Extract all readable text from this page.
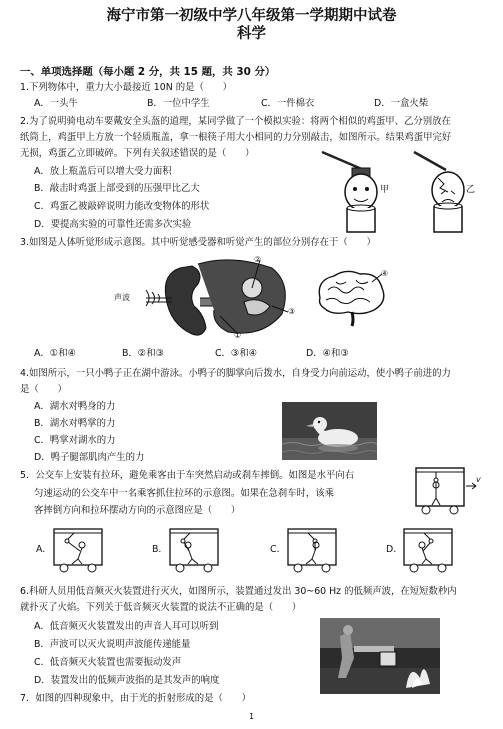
海宁市第一初级中学八年级第一学期期中试卷
科学
一、单项选择题（每小题 2 分，共 15 题，共 30 分）
1.下列物体中，重力大小最接近 10N 的是（　　）
A．一头牛	B．一位中学生	C．一件棉衣	D．一盒火柴
2.为了说明骑电动车要戴安全头盔的道理，某同学做了一个模拟实验：将两个相似的鸡蛋甲、乙分别放在
纸筒上，鸡蛋甲上方放一个轻质瓶盖，拿一根筷子用大小相同的力分别敲击，如图所示。结果鸡蛋甲完好
无损，鸡蛋乙立即破碎。下列有关叙述错误的是（　　）
A．放上瓶盖后可以增大受力面积
B．敲击时鸡蛋上部受到的压强甲比乙大
C．鸡蛋乙被敲碎说明力能改变物体的形状
D．要提高实验的可靠性还需多次实验
甲	乙
3.如图是人体听觉形成示意图。其中听觉感受器和听觉产生的部位分别存在于（　　）
声波
①
②
③
④
A．①和④	B．②和③	C．③和④	D．④和③
4.如图所示，一只小鸭子正在湖中游泳。小鸭子的脚掌向后拨水，自身受力向前运动，使小鸭子前进的力
是（　　）
A．湖水对鸭身的力
B．湖水对鸭掌的力
C．鸭掌对湖水的力
D．鸭子腿部肌肉产生的力
5．公交车上安装有拉环，避免乘客由于车突然启动或刹车摔倒。如图是水平向右
匀速运动的公交车中一名乘客抓住拉环的示意图。如果在急刹车时，该乘
客摔倒方向和拉环摆动方向的示意图应是（　　）
v
A.	B.	C.	D.
6.科研人员用低音频灭火装置进行灭火，如图所示，装置通过发出 30~60 Hz 的低频声波，在短短数秒内
就扑灭了火焰。下列关于低音频灭火装置的说法不正确的是（　　）
A．低音频灭火装置发出的声音人耳可以听到
B．声波可以灭火说明声波能传递能量
C．低音频灭火装置也需要振动发声
D．装置发出的低频声波指的是其发声的响度
7．如图的四种现象中，由于光的折射形成的是（　　）
1
